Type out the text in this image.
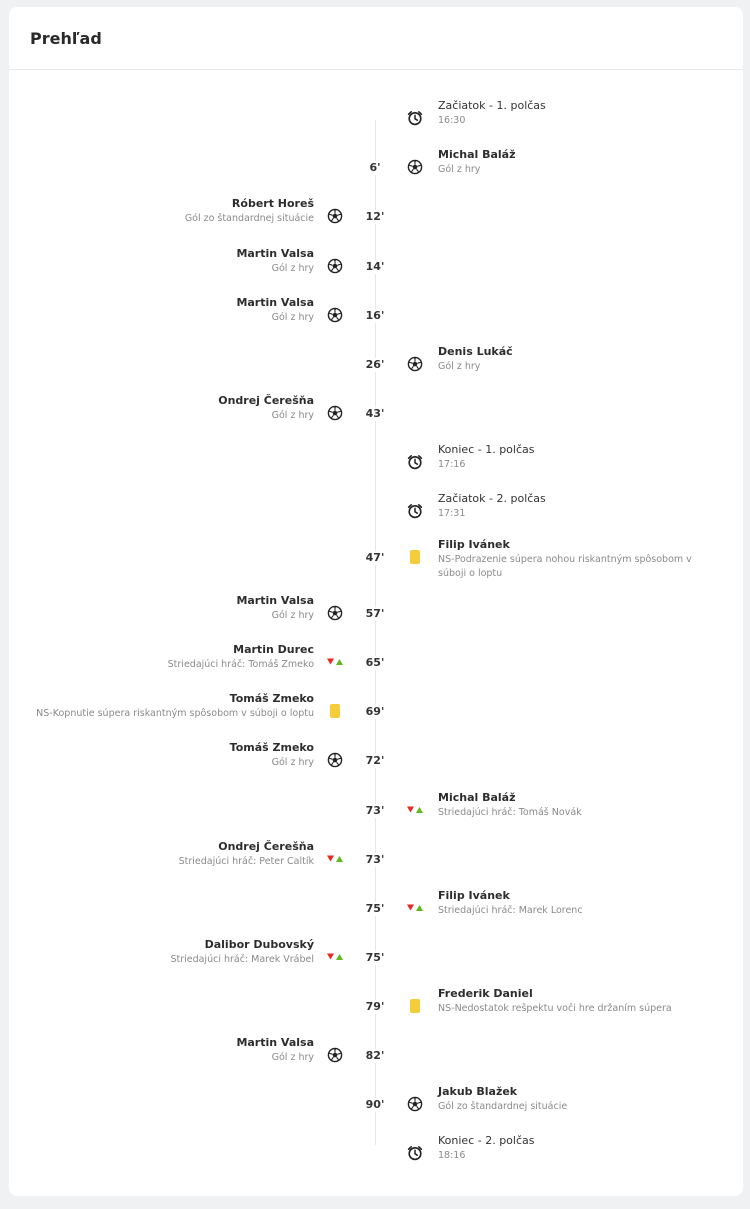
Prehľad
Začiatok - 1. polčas
16:30
6'
Michal Baláž
Gól z hry
12'
Róbert Horeš
Gól zo štandardnej situácie
14'
Martin Valsa
Gól z hry
16'
Martin Valsa
Gól z hry
26'
Denis Lukáč
Gól z hry
43'
Ondrej Čerešňa
Gól z hry
Koniec - 1. polčas
17:16
Začiatok - 2. polčas
17:31
47'
Filip Ivánek
NS-Podrazenie súpera nohou riskantným spôsobom v súboji o loptu
57'
Martin Valsa
Gól z hry
65'
Martin Durec
Striedajúci hráč: Tomáš Zmeko
69'
Tomáš Zmeko
NS-Kopnutie súpera riskantným spôsobom v súboji o loptu
72'
Tomáš Zmeko
Gól z hry
73'
Michal Baláž
Striedajúci hráč: Tomáš Novák
73'
Ondrej Čerešňa
Striedajúci hráč: Peter Caltík
75'
Filip Ivánek
Striedajúci hráč: Marek Lorenc
75'
Dalibor Dubovský
Striedajúci hráč: Marek Vrábel
79'
Frederik Daniel
NS-Nedostatok rešpektu voči hre držaním súpera
82'
Martin Valsa
Gól z hry
90'
Jakub Blažek
Gól zo štandardnej situácie
Koniec - 2. polčas
18:16
